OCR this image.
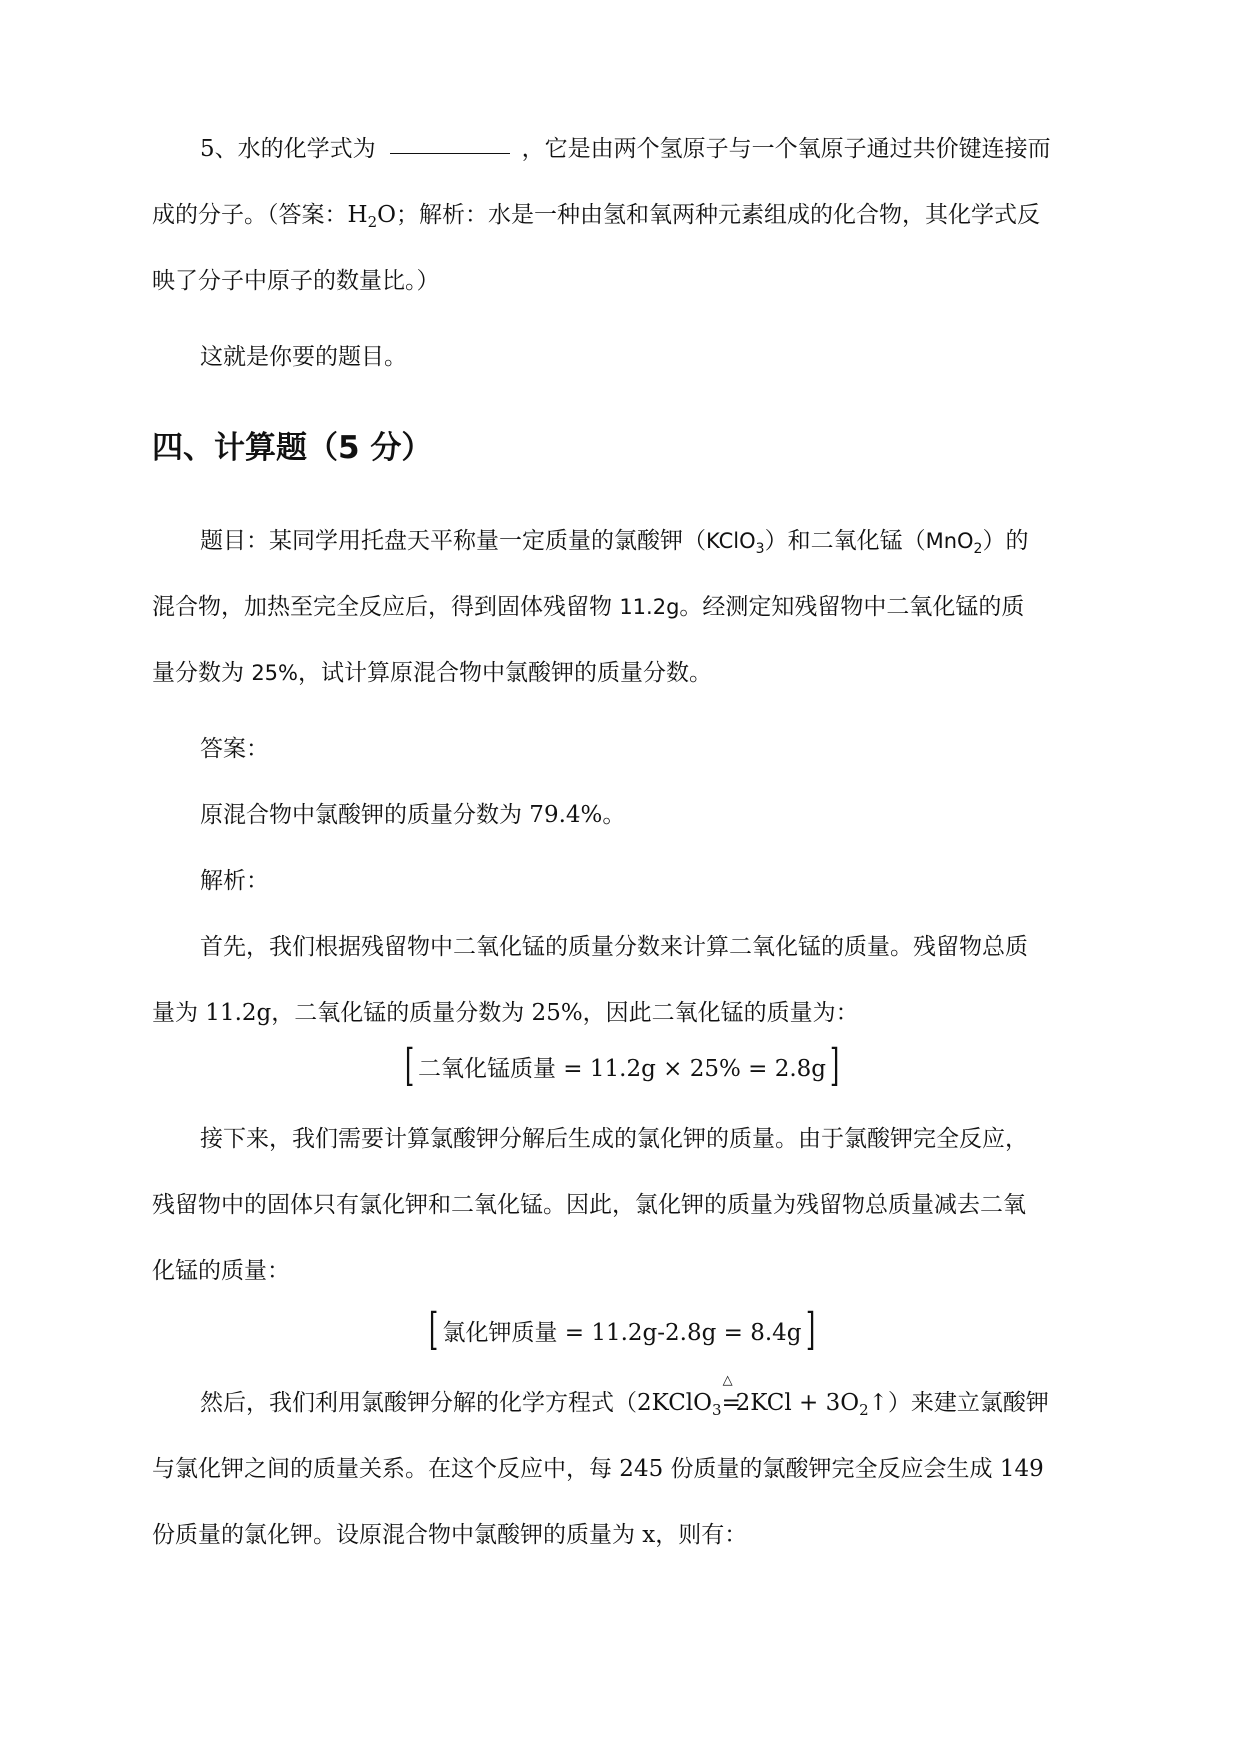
5、水的化学式为	，它是由两个氢原子与一个氧原子通过共价键连接而
成的分子。（答案：$H_2O$；解析：水是一种由氢和氧两种元素组成的化合物，其化学式反
映了分子中原子的数量比。）
这就是你要的题目。
四、计算题（5 分）
题目：某同学用托盘天平称量一定质量的氯酸钾（KClO$_3$）和二氧化锰（MnO$_2$）的
混合物，加热至完全反应后，得到固体残留物 11.2g。经测定知残留物中二氧化锰的质
量分数为 25%，试计算原混合物中氯酸钾的质量分数。
答案：
原混合物中氯酸钾的质量分数为 79.4%。
解析：
首先，我们根据残留物中二氧化锰的质量分数来计算二氧化锰的质量。残留物总质
量为 11.2g，二氧化锰的质量分数为 25%，因此二氧化锰的质量为：
[ 二氧化锰质量 = 11.2g × 25% = 2.8g]
接下来，我们需要计算氯酸钾分解后生成的氯化钾的质量。由于氯酸钾完全反应，
残留物中的固体只有氯化钾和二氧化锰。因此，氯化钾的质量为残留物总质量减去二氧
化锰的质量：
[ 氯化钾质量 = 11.2g-2.8g = 8.4g]
然后，我们利用氯酸钾分解的化学方程式（2KClO$_3$
△
$=2KCl + 3O_2↑$）来建立氯酸钾
与氯化钾之间的质量关系。在这个反应中，每 245 份质量的氯酸钾完全反应会生成 149
份质量的氯化钾。设原混合物中氯酸钾的质量为 x，则有：
